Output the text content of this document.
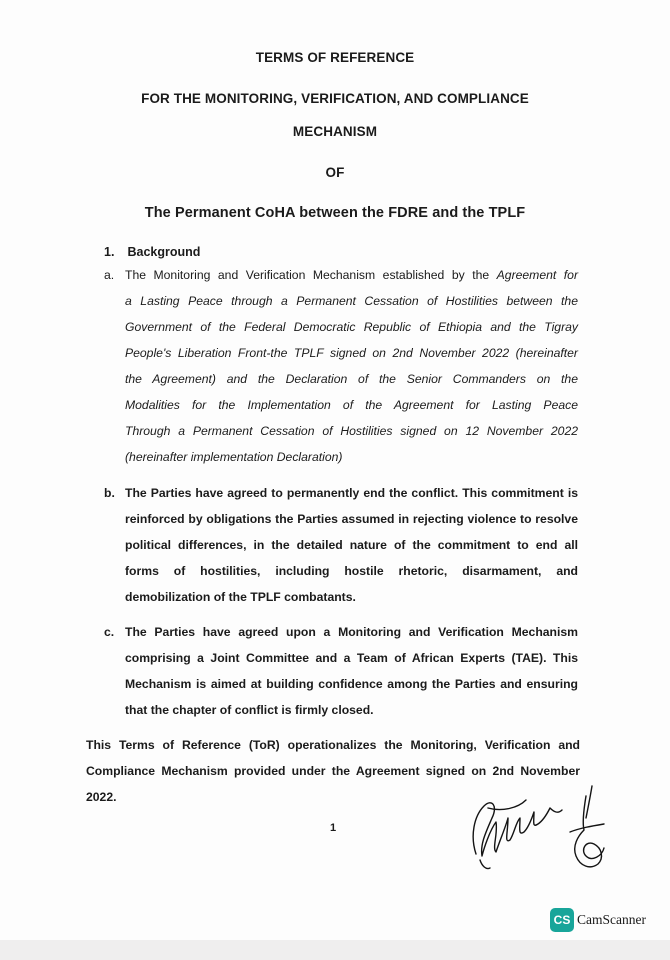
TERMS OF REFERENCE
FOR THE MONITORING, VERIFICATION, AND COMPLIANCE
MECHANISM
OF
The Permanent CoHA between the FDRE and the TPLF
1. Background
a. The Monitoring and Verification Mechanism established by the Agreement for
a Lasting Peace through a Permanent Cessation of Hostilities between the
Government of the Federal Democratic Republic of Ethiopia and the Tigray
People's Liberation Front-the TPLF signed on 2nd November 2022 (hereinafter
the Agreement) and the Declaration of the Senior Commanders on the
Modalities for the Implementation of the Agreement for Lasting Peace
Through a Permanent Cessation of Hostilities signed on 12 November 2022
(hereinafter implementation Declaration)
b. The Parties have agreed to permanently end the conflict. This commitment is
reinforced by obligations the Parties assumed in rejecting violence to resolve
political differences, in the detailed nature of the commitment to end all
forms of hostilities, including hostile rhetoric, disarmament, and
demobilization of the TPLF combatants.
c. The Parties have agreed upon a Monitoring and Verification Mechanism
comprising a Joint Committee and a Team of African Experts (TAE). This
Mechanism is aimed at building confidence among the Parties and ensuring
that the chapter of conflict is firmly closed.
This Terms of Reference (ToR) operationalizes the Monitoring, Verification and
Compliance Mechanism provided under the Agreement signed on 2nd November
2022.
1
CS CamScanner
